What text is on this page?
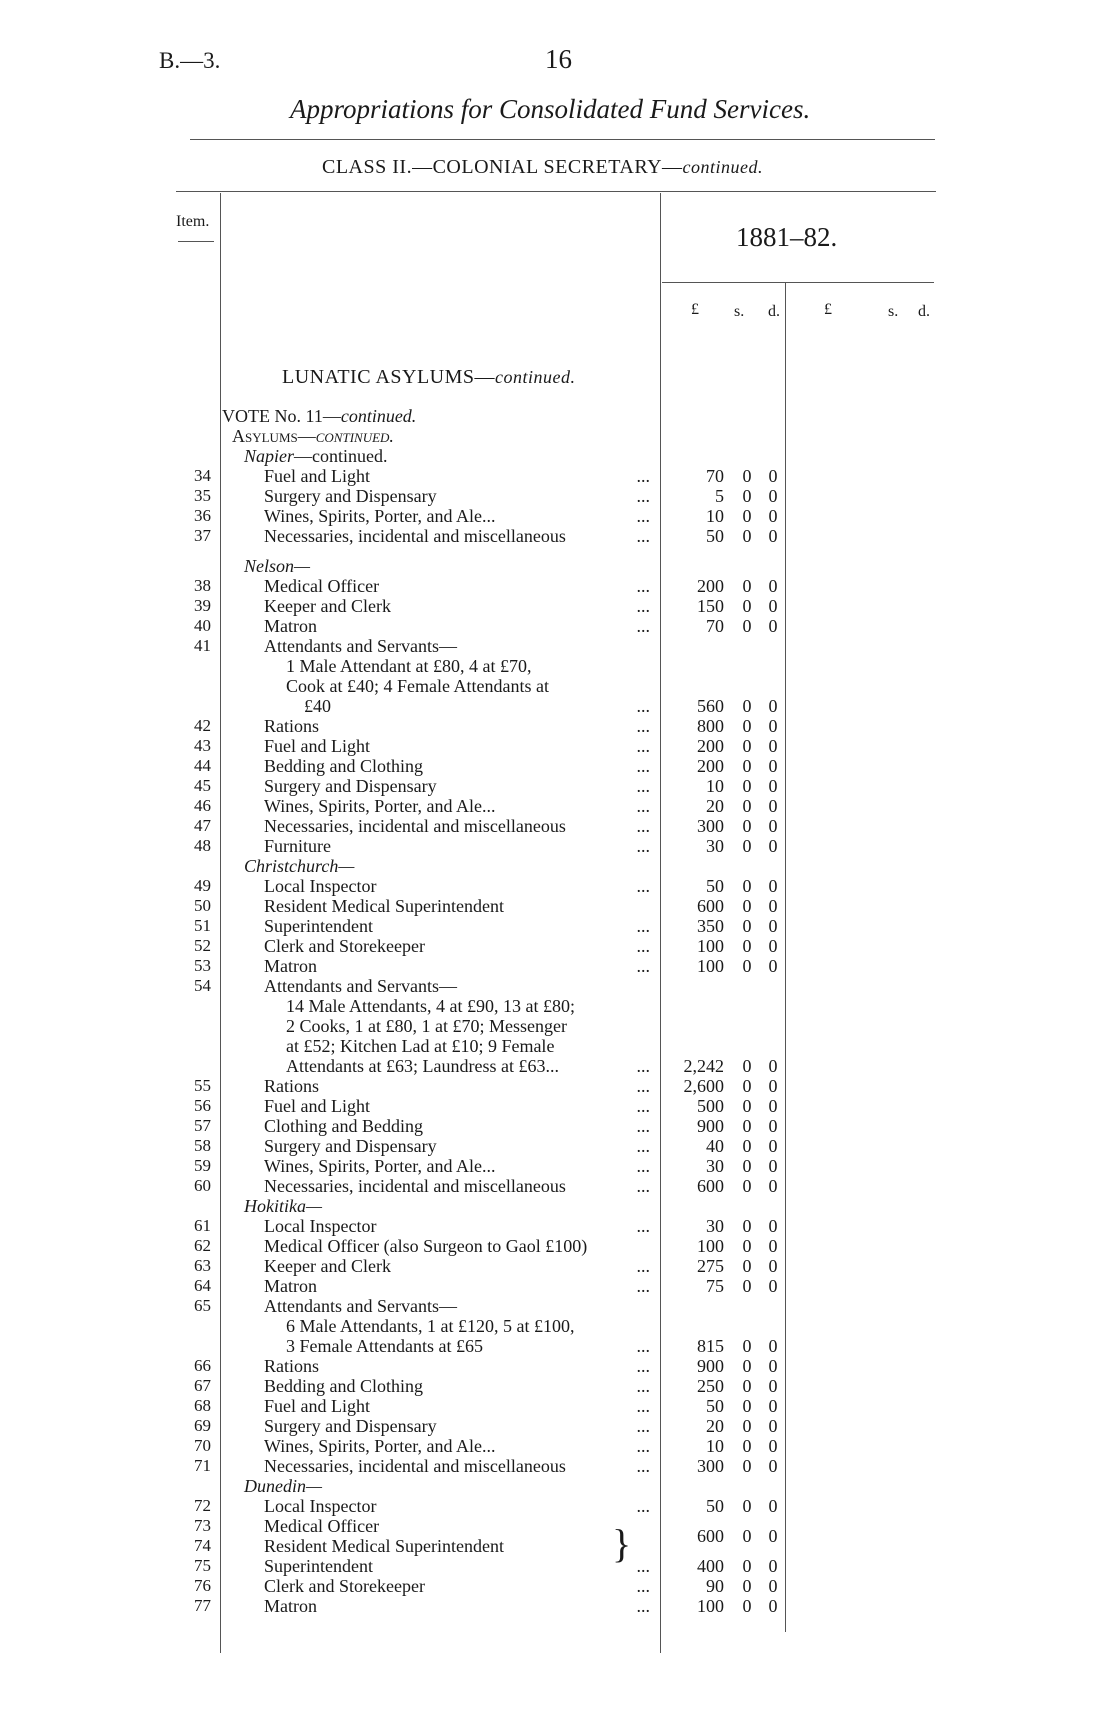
B.—3.	16
Appropriations for Consolidated Fund Services.
CLASS II.—COLONIAL SECRETARY—continued.
Item.
1881–82.
£ s. d.	£	s. d.
LUNATIC ASYLUMS—continued.
VOTE No. 11—continued.
Asylums—continued.
Napier—continued.
Nelson—
Christchurch—
Hokitika—
Dunedin—
}
34	Fuel and Light	...	70 0 0
35	Surgery and Dispensary	...	5 0 0
36	Wines, Spirits, Porter, and Ale...	...	10 0 0
37	Necessaries, incidental and miscellaneous	...	50 0 0
38	Medical Officer	...	200 0 0
39	Keeper and Clerk	...	150 0 0
40	Matron	...	70 0 0
41	Attendants and Servants—
1 Male Attendant at £80, 4 at £70,
Cook at £40; 4 Female Attendants at
£40	...	560 0 0
42	Rations	...	800 0 0
43	Fuel and Light	...	200 0 0
44	Bedding and Clothing	...	200 0 0
45	Surgery and Dispensary	...	10 0 0
46	Wines, Spirits, Porter, and Ale...	...	20 0 0
47	Necessaries, incidental and miscellaneous	...	300 0 0
48	Furniture	...	30 0 0
49	Local Inspector	...	50 0 0
50	Resident Medical Superintendent	600 0 0
51	Superintendent	...	350 0 0
52	Clerk and Storekeeper	...	100 0 0
53	Matron	...	100 0 0
54	Attendants and Servants—
14 Male Attendants, 4 at £90, 13 at £80;
2 Cooks, 1 at £80, 1 at £70; Messenger
at £52; Kitchen Lad at £10; 9 Female
Attendants at £63; Laundress at £63...	...	2,242 0 0
55	Rations	...	2,600 0 0
56	Fuel and Light	...	500 0 0
57	Clothing and Bedding	...	900 0 0
58	Surgery and Dispensary	...	40 0 0
59	Wines, Spirits, Porter, and Ale...	...	30 0 0
60	Necessaries, incidental and miscellaneous	...	600 0 0
61	Local Inspector	...	30 0 0
62	Medical Officer (also Surgeon to Gaol £100)	100 0 0
63	Keeper and Clerk	...	275 0 0
64	Matron	...	75 0 0
65	Attendants and Servants—
6 Male Attendants, 1 at £120, 5 at £100,
3 Female Attendants at £65	...	815 0 0
66	Rations	...	900 0 0
67	Bedding and Clothing	...	250 0 0
68	Fuel and Light	...	50 0 0
69	Surgery and Dispensary	...	20 0 0
70	Wines, Spirits, Porter, and Ale...	...	10 0 0
71	Necessaries, incidental and miscellaneous	...	300 0 0
72	Local Inspector	...	50 0 0
73	Medical Officer
74	Resident Medical Superintendent	600 0 0
75	Superintendent	...	400 0 0
76	Clerk and Storekeeper	...	90 0 0
77	Matron	...	100 0 0
